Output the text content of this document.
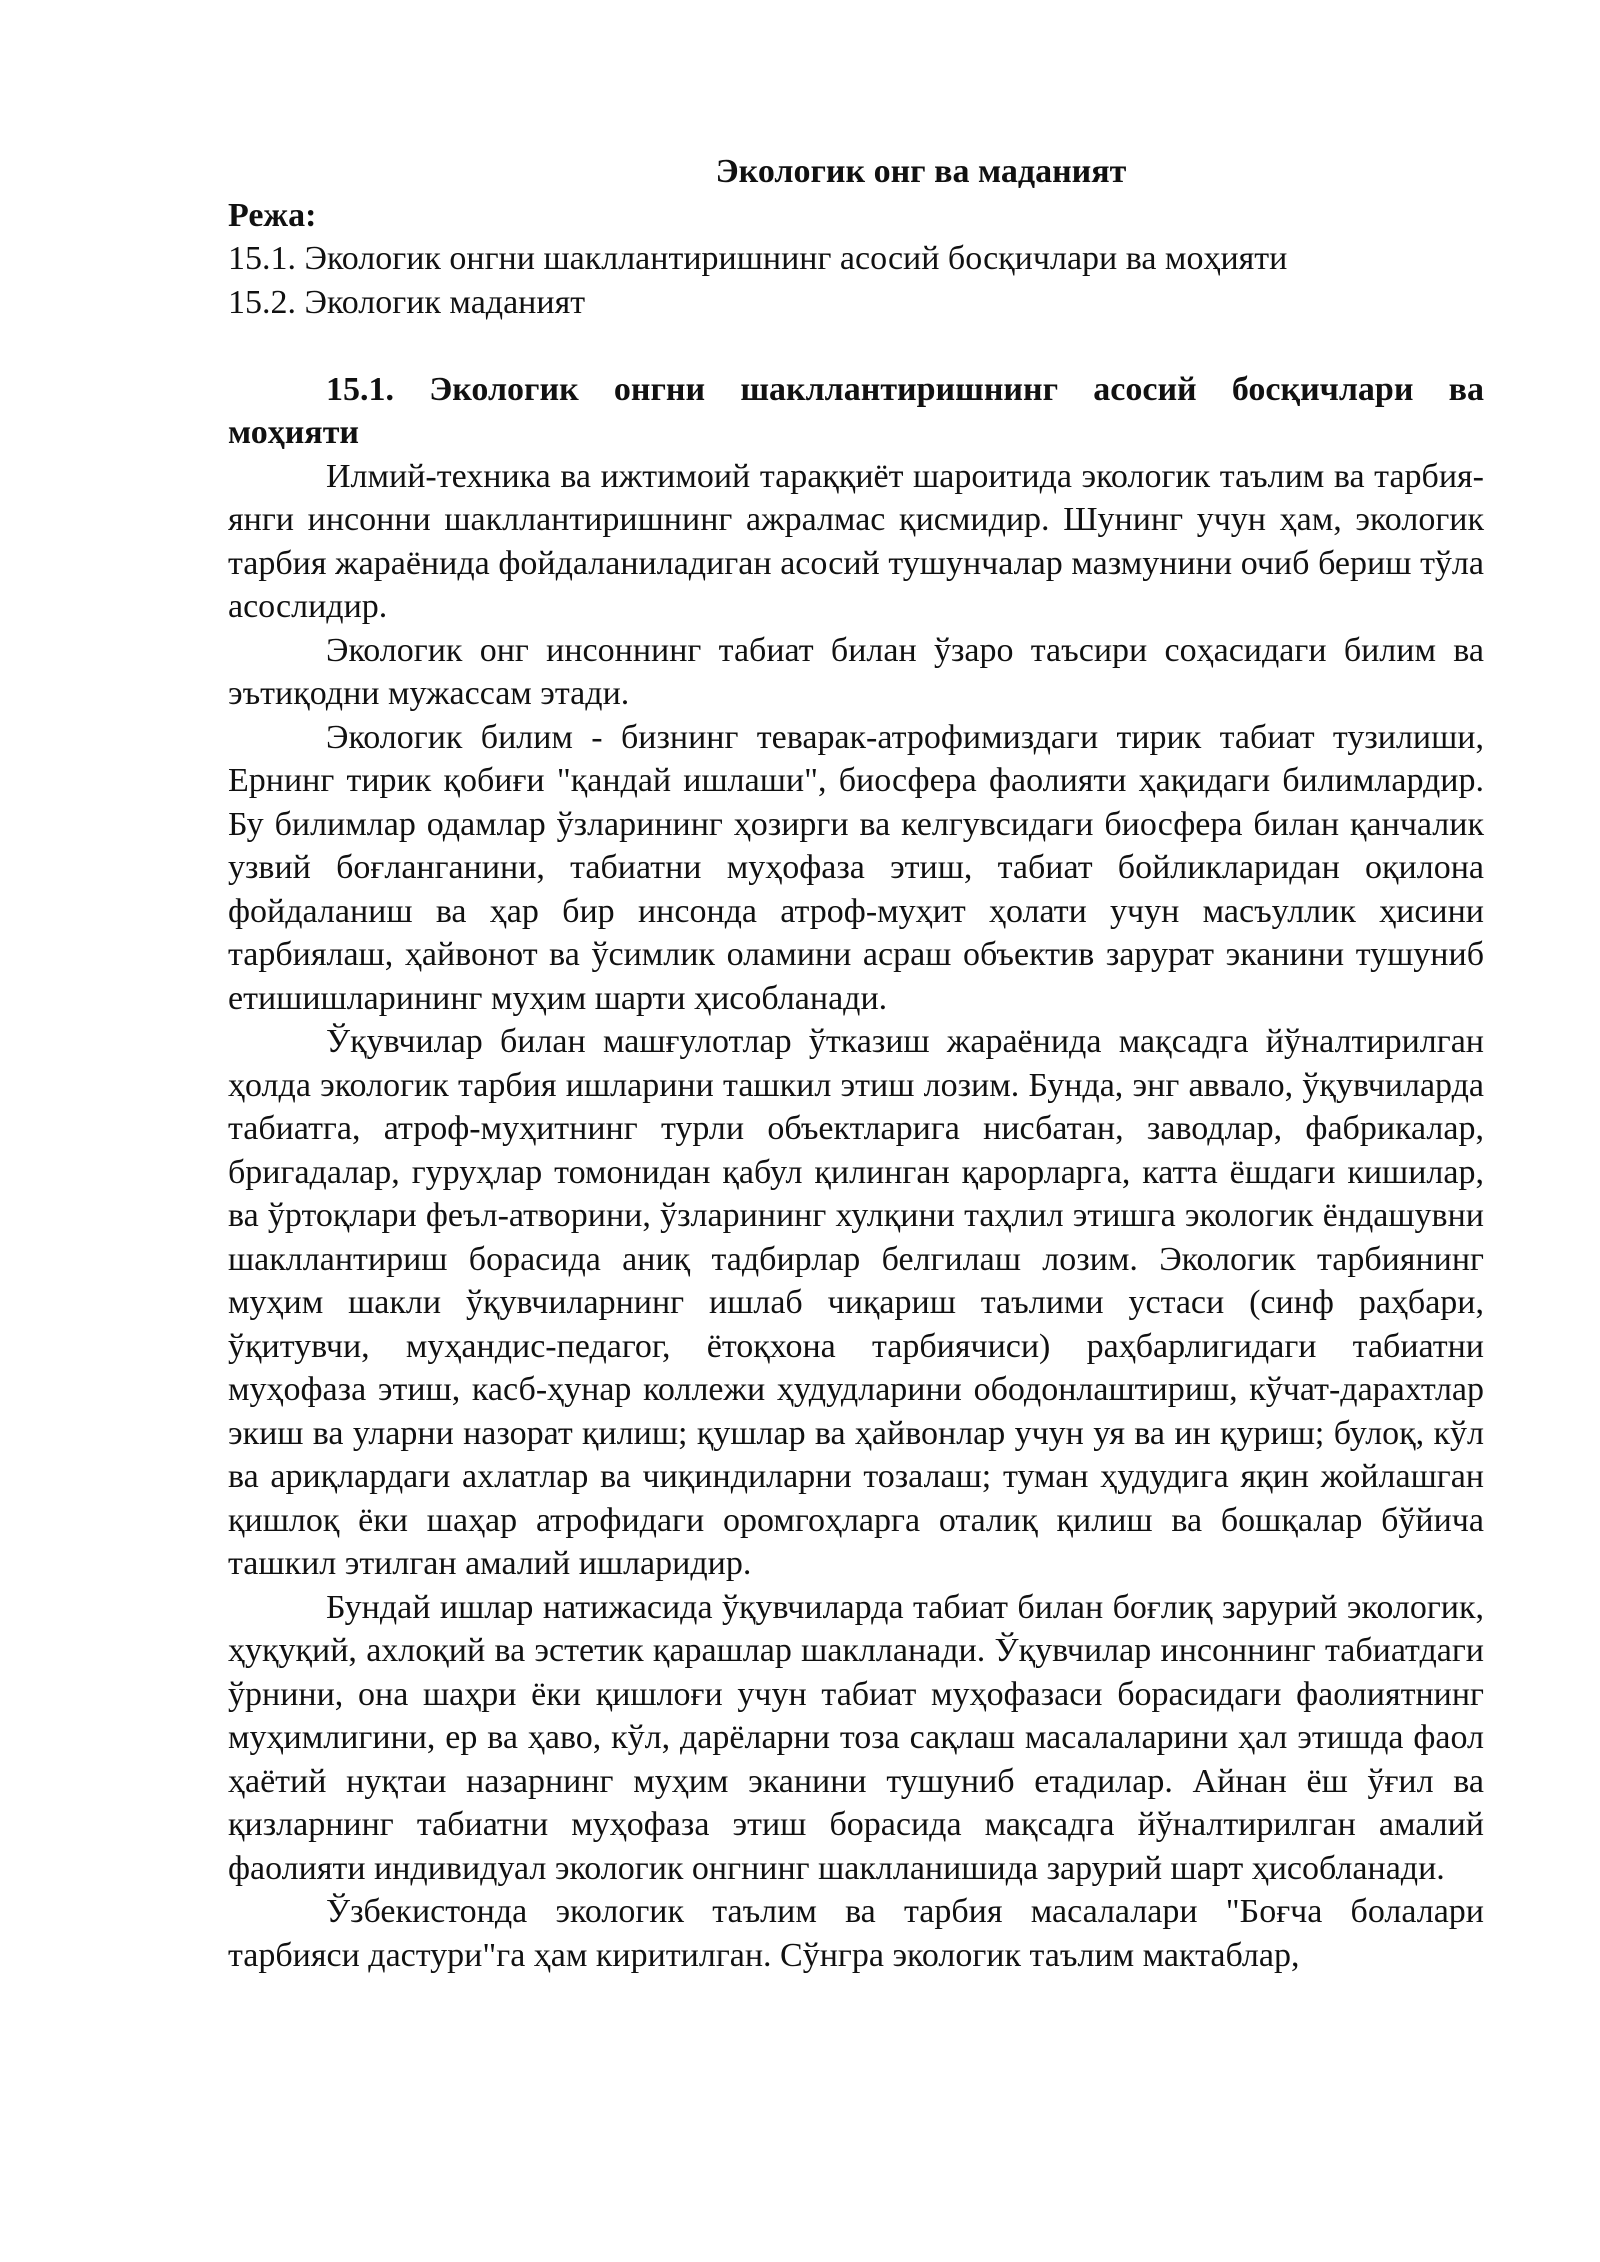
Экологик онг ва маданият

Режа:

15.1. Экологик онгни шакллантиришнинг асосий босқичлари ва моҳияти
15.2. Экологик маданият
15.1. Экологик онгни шакллантиришнинг асосий босқичлари ва моҳияти

Илмий-техника ва ижтимоий тараққиёт шароитида экологик таълим ва тарбия-янги инсонни шакллантиришнинг ажралмас қисмидир. Шунинг учун ҳам, экологик тарбия жараёнида фойдаланиладиган асосий тушунчалар мазмунини очиб бериш тўла асослидир.

Экологик онг инсоннинг табиат билан ўзаро таъсири соҳасидаги билим ва эътиқодни мужассам этади.

Экологик билим - бизнинг теварак-атрофимиздаги тирик табиат тузилиши, Ернинг тирик қобиғи "қандай ишлаши", биосфера фаолияти ҳақидаги билимлардир. Бу билимлар одамлар ўзларининг ҳозирги ва келгувсидаги биосфера билан қанчалик узвий боғланганини, табиатни муҳофаза этиш, табиат бойликларидан оқилона фойдаланиш ва ҳар бир инсонда атроф-муҳит ҳолати учун масъуллик ҳисини тарбиялаш, ҳайвонот ва ўсимлик оламини асраш объектив зарурат эканини тушуниб етишишларининг муҳим шарти ҳисобланади.

Ўқувчилар билан машғулотлар ўтказиш жараёнида мақсадга йўналтирилган ҳолда экологик тарбия ишларини ташкил этиш лозим. Бунда, энг аввало, ўқувчиларда табиатга, атроф-муҳитнинг турли объектларига нисбатан, заводлар, фабрикалар, бригадалар, гуруҳлар томонидан қабул қилинган қарорларга, катта ёшдаги кишилар, ва ўртоқлари феъл-атворини, ўзларининг хулқини таҳлил этишга экологик ёндашувни шакллантириш борасида аниқ тадбирлар белгилаш лозим. Экологик тарбиянинг муҳим шакли ўқувчиларнинг ишлаб чиқариш таълими устаси (синф раҳбари, ўқитувчи, муҳандис-педагог, ётоқхона тарбиячиси) раҳбарлигидаги табиатни муҳофаза этиш, касб-ҳунар коллежи ҳудудларини ободонлаштириш, кўчат-дарахтлар экиш ва уларни назорат қилиш; қушлар ва ҳайвонлар учун уя ва ин қуриш; булоқ, кўл ва ариқлардаги ахлатлар ва чиқиндиларни тозалаш; туман ҳудудига яқин жойлашган қишлоқ ёки шаҳар атрофидаги оромгоҳларга оталиқ қилиш ва бошқалар бўйича ташкил этилган амалий ишларидир.

Бундай ишлар натижасида ўқувчиларда табиат билан боғлиқ зарурий экологик, ҳуқуқий, ахлоқий ва эстетик қарашлар шаклланади. Ўқувчилар инсоннинг табиатдаги ўрнини, она шаҳри ёки қишлоғи учун табиат муҳофазаси борасидаги фаолиятнинг муҳимлигини, ер ва ҳаво, кўл, дарёларни тоза сақлаш масалаларини ҳал этишда фаол ҳаётий нуқтаи назарнинг муҳим эканини тушуниб етадилар. Айнан ёш ўғил ва қизларнинг табиатни муҳофаза этиш борасида мақсадга йўналтирилган амалий фаолияти индивидуал экологик онгнинг шаклланишида зарурий шарт ҳисобланади.

Ўзбекистонда экологик таълим ва тарбия масалалари "Боғча болалари тарбияси дастури"га ҳам киритилган. Сўнгра экологик таълим мактаблар,
